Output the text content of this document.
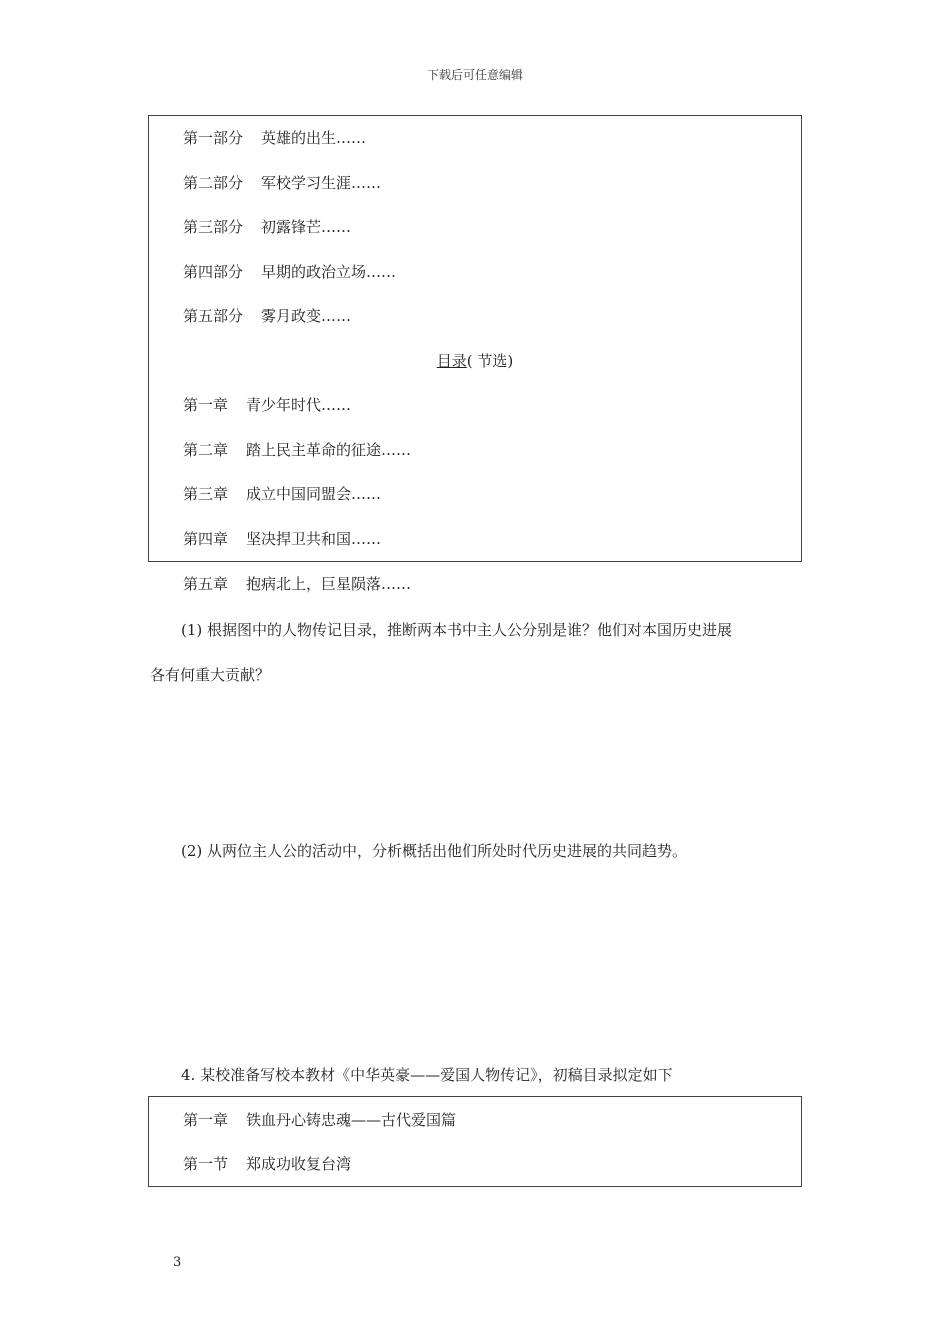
下载后可任意编辑
第一部分 英雄的出生……
第二部分 军校学习生涯……
第三部分 初露锋芒……
第四部分 早期的政治立场……
第五部分 雾月政变……
目录( 节选)
第一章 青少年时代……
第二章 踏上民主革命的征途……
第三章 成立中国同盟会……
第四章 坚决捍卫共和国……
第五章 抱病北上，巨星陨落……
(1) 根据图中的人物传记目录，推断两本书中主人公分别是谁？他们对本国历史进展
各有何重大贡献？
(2) 从两位主人公的活动中，分析概括出他们所处时代历史进展的共同趋势。
4. 某校准备写校本教材《中华英豪——爱国人物传记》，初稿目录拟定如下
第一章 铁血丹心铸忠魂——古代爱国篇
第一节 郑成功收复台湾
3
